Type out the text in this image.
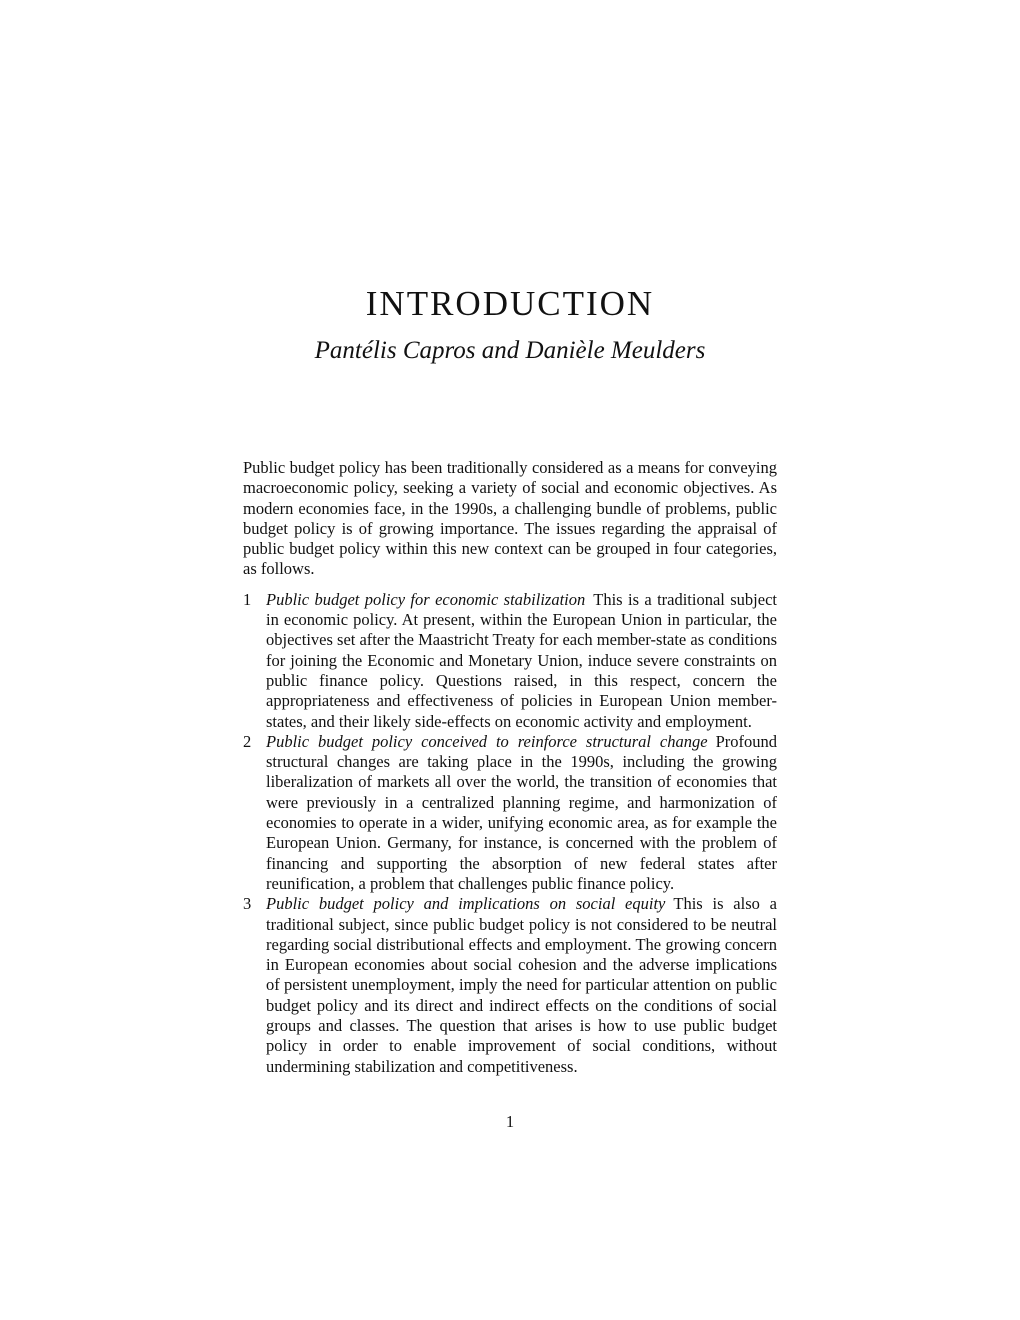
INTRODUCTION
Pantélis Capros and Danièle Meulders

Public budget policy has been traditionally considered as a means for conveying macroeconomic policy, seeking a variety of social and economic objectives. As modern economies face, in the 1990s, a challenging bundle of problems, public budget policy is of growing importance. The issues regarding the appraisal of public budget policy within this new context can be grouped in four categories, as follows.

1 Public budget policy for economic stabilization This is a traditional subject in economic policy. At present, within the European Union in particular, the objectives set after the Maastricht Treaty for each member-state as conditions for joining the Economic and Monetary Union, induce severe constraints on public finance policy. Questions raised, in this respect, concern the appropriateness and effectiveness of policies in European Union member-states, and their likely side-effects on economic activity and employment.
2 Public budget policy conceived to reinforce structural change Profound structural changes are taking place in the 1990s, including the growing liberalization of markets all over the world, the transition of economies that were previously in a centralized planning regime, and harmonization of economies to operate in a wider, unifying economic area, as for example the European Union. Germany, for instance, is concerned with the problem of financing and supporting the absorption of new federal states after reunification, a problem that challenges public finance policy.
3 Public budget policy and implications on social equity This is also a traditional subject, since public budget policy is not considered to be neutral regarding social distributional effects and employment. The growing concern in European economies about social cohesion and the adverse implications of persistent unemployment, imply the need for particular attention on public budget policy and its direct and indirect effects on the conditions of social groups and classes. The question that arises is how to use public budget policy in order to enable improvement of social conditions, without undermining stabilization and competitiveness.
1
